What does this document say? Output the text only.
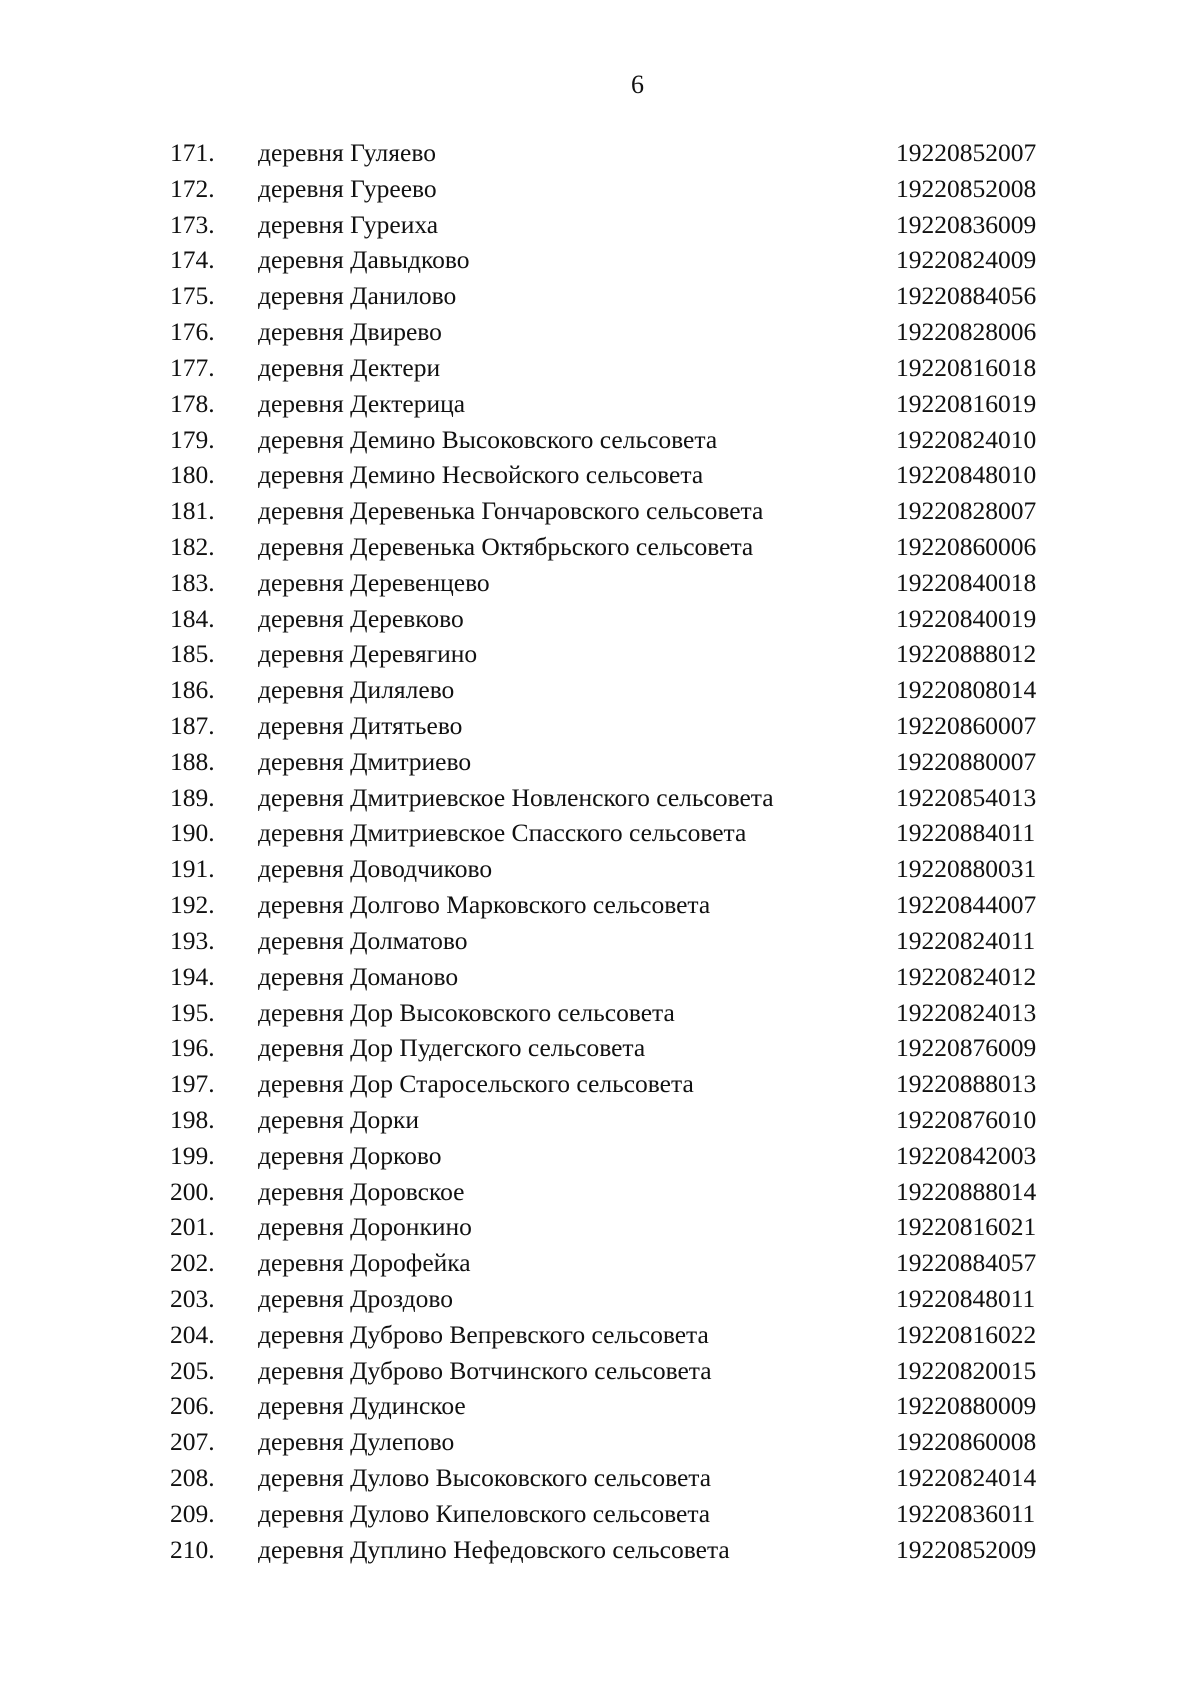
6
171. деревня Гуляево	19220852007
172. деревня Гуреево	19220852008
173. деревня Гуреиха	19220836009
174. деревня Давыдково	19220824009
175. деревня Данилово	19220884056
176. деревня Двирево	19220828006
177. деревня Дектери	19220816018
178. деревня Дектерица	19220816019
179. деревня Демино Высоковского сельсовета	19220824010
180. деревня Демино Несвойского сельсовета	19220848010
181. деревня Деревенька Гончаровского сельсовета	19220828007
182. деревня Деревенька Октябрьского сельсовета	19220860006
183. деревня Деревенцево	19220840018
184. деревня Деревково	19220840019
185. деревня Деревягино	19220888012
186. деревня Дилялево	19220808014
187. деревня Дитятьево	19220860007
188. деревня Дмитриево	19220880007
189. деревня Дмитриевское Новленского сельсовета	19220854013
190. деревня Дмитриевское Спасского сельсовета	19220884011
191. деревня Доводчиково	19220880031
192. деревня Долгово Марковского сельсовета	19220844007
193. деревня Долматово	19220824011
194. деревня Доманово	19220824012
195. деревня Дор Высоковского сельсовета	19220824013
196. деревня Дор Пудегского сельсовета	19220876009
197. деревня Дор Старосельского сельсовета	19220888013
198. деревня Дорки	19220876010
199. деревня Дорково	19220842003
200. деревня Доровское	19220888014
201. деревня Доронкино	19220816021
202. деревня Дорофейка	19220884057
203. деревня Дроздово	19220848011
204. деревня Дуброво Вепревского сельсовета	19220816022
205. деревня Дуброво Вотчинского сельсовета	19220820015
206. деревня Дудинское	19220880009
207. деревня Дулепово	19220860008
208. деревня Дулово Высоковского сельсовета	19220824014
209. деревня Дулово Кипеловского сельсовета	19220836011
210. деревня Дуплино Нефедовского сельсовета	19220852009
